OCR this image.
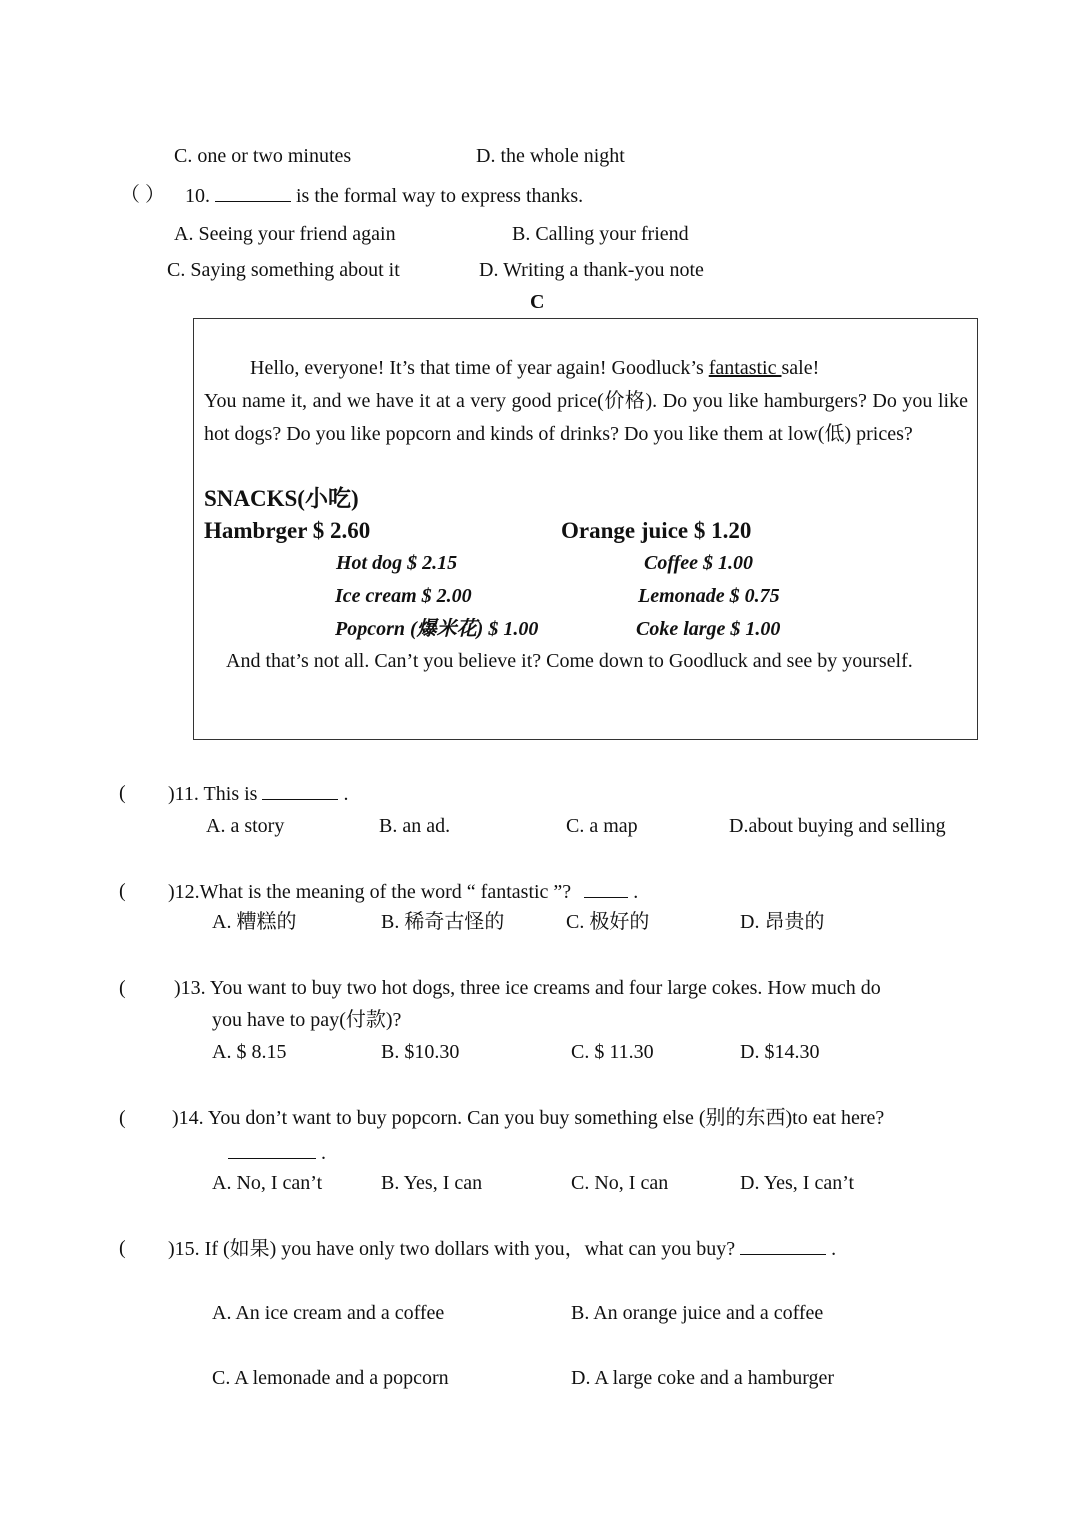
C. one or two minutes	D. the whole night
（ ） 10.	is the formal way to express thanks.
A. Seeing your friend again	B. Calling your friend
C. Saying something about it	D. Writing a thank-you note
C
Hello, everyone! It’s that time of year again! Goodluck’s fantastic sale!
You name it, and we have it at a very good price(价格). Do you like hamburgers? Do you like hot dogs? Do you like popcorn and kinds of drinks? Do you like them at low(低) prices?
SNACKS(小吃)
Hambrger $ 2.60	Orange juice $ 1.20
Hot dog $ 2.15	Coffee $ 1.00
Ice cream $ 2.00	Lemonade $ 0.75
Popcorn (爆米花) $ 1.00	Coke large $ 1.00
And that’s not all. Can’t you believe it? Come down to Goodluck and see by yourself.
( )11. This is	.
A. a story	B. an ad.	C. a map	D.about buying and selling
( )12.What is the meaning of the word “ fantastic ”?	.
A. 糟糕的	B. 稀奇古怪的	C. 极好的	D. 昂贵的
( )13. You want to buy two hot dogs, three ice creams and four large cokes. How much do
you have to pay(付款)?
A. $ 8.15	B. $10.30	C. $ 11.30	D. $14.30
( )14. You don’t want to buy popcorn. Can you buy something else (别的东西)to eat here?
.
A. No, I can’t	B. Yes, I can	C. No, I can	D. Yes, I can’t
( )15. If (如果) you have only two dollars with you，what can you buy?	.
A. An ice cream and a coffee	B. An orange juice and a coffee
C. A lemonade and a popcorn	D. A large coke and a hamburger
